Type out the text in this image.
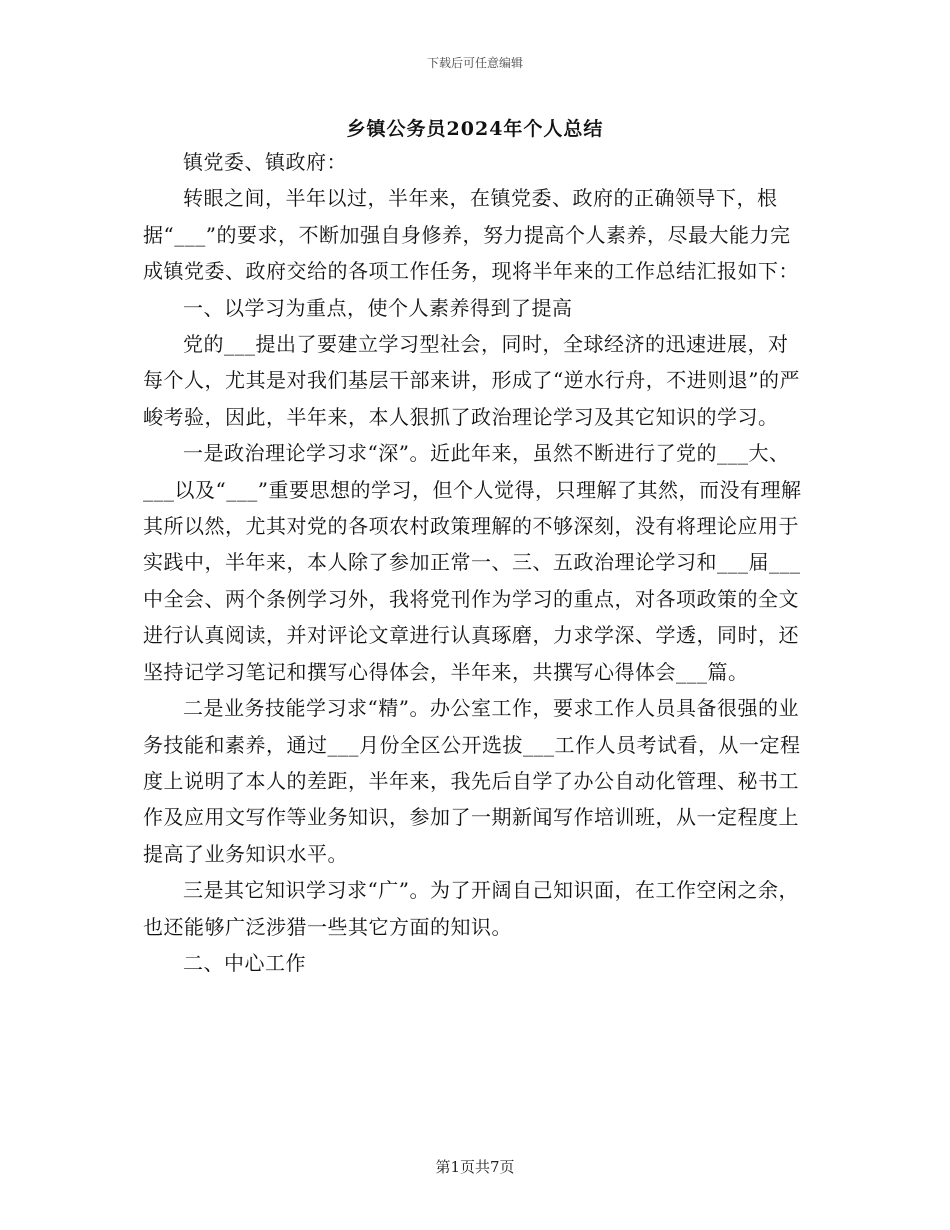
下载后可任意编辑
乡镇公务员2024年个人总结

镇党委、镇政府：

转眼之间，半年以过，半年来，在镇党委、政府的正确领导下，根据“___”的要求，不断加强自身修养，努力提高个人素养，尽最大能力完成镇党委、政府交给的各项工作任务，现将半年来的工作总结汇报如下：

一、以学习为重点，使个人素养得到了提高

党的___提出了要建立学习型社会，同时，全球经济的迅速进展，对每个人，尤其是对我们基层干部来讲，形成了“逆水行舟，不进则退”的严峻考验，因此，半年来，本人狠抓了政治理论学习及其它知识的学习。

一是政治理论学习求“深”。近此年来，虽然不断进行了党的___大、___以及“___”重要思想的学习，但个人觉得，只理解了其然，而没有理解其所以然，尤其对党的各项农村政策理解的不够深刻，没有将理论应用于实践中，半年来，本人除了参加正常一、三、五政治理论学习和___届___中全会、两个条例学习外，我将党刊作为学习的重点，对各项政策的全文进行认真阅读，并对评论文章进行认真琢磨，力求学深、学透，同时，还坚持记学习笔记和撰写心得体会，半年来，共撰写心得体会___篇。

二是业务技能学习求“精”。办公室工作，要求工作人员具备很强的业务技能和素养，通过___月份全区公开选拔___工作人员考试看，从一定程度上说明了本人的差距，半年来，我先后自学了办公自动化管理、秘书工作及应用文写作等业务知识，参加了一期新闻写作培训班，从一定程度上提高了业务知识水平。

三是其它知识学习求“广”。为了开阔自己知识面，在工作空闲之余，也还能够广泛涉猎一些其它方面的知识。

二、中心工作

第1页共7页
